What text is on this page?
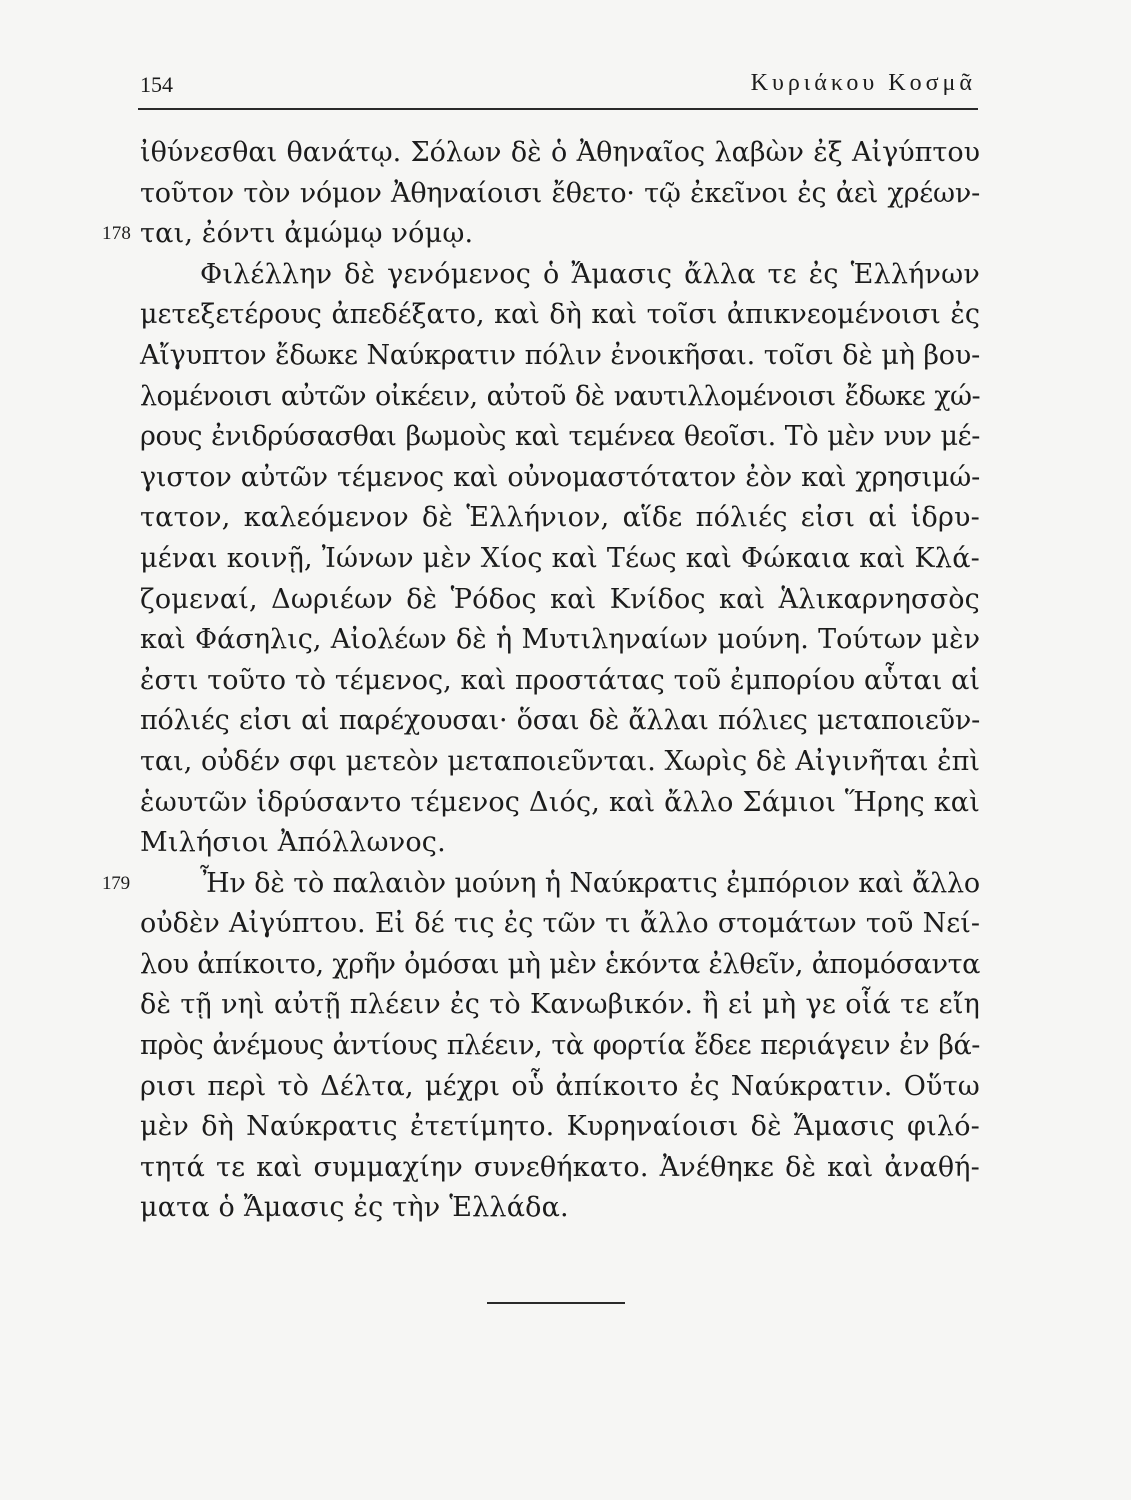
154	Κυριάκου Κοσμᾶ
ἰθύνεσθαι θανάτῳ. Σόλων δὲ ὁ Ἀθηναῖος λαβὼν ἐξ Αἰγύπτου
τοῦτον τὸν νόμον Ἀθηναίοισι ἔθετο· τῷ ἐκεῖνοι ἐς ἀεὶ χρέων-
178 ται, ἐόντι ἀμώμῳ νόμῳ.
Φιλέλλην δὲ γενόμενος ὁ Ἄμασις ἄλλα τε ἐς Ἑλλήνων
μετεξετέρους ἀπεδέξατο, καὶ δὴ καὶ τοῖσι ἀπικνεομένοισι ἐς
Αἴγυπτον ἔδωκε Ναύκρατιν πόλιν ἐνοικῆσαι. τοῖσι δὲ μὴ βου-
λομένοισι αὐτῶν οἰκέειν, αὐτοῦ δὲ ναυτιλλομένοισι ἔδωκε χώ-
ρους ἐνιδρύσασθαι βωμοὺς καὶ τεμένεα θεοῖσι. Τὸ μὲν νυν μέ-
γιστον αὐτῶν τέμενος καὶ οὐνομαστότατον ἐὸν καὶ χρησιμώ-
τατον, καλεόμενον δὲ Ἑλλήνιον, αἵδε πόλιές εἰσι αἱ ἱδρυ-
μέναι κοινῇ, Ἰώνων μὲν Χίος καὶ Τέως καὶ Φώκαια καὶ Κλά-
ζομεναί, Δωριέων δὲ Ῥόδος καὶ Κνίδος καὶ Ἁλικαρνησσὸς
καὶ Φάσηλις, Αἰολέων δὲ ἡ Μυτιληναίων μούνη. Τούτων μὲν
ἐστι τοῦτο τὸ τέμενος, καὶ προστάτας τοῦ ἐμπορίου αὗται αἱ
πόλιές εἰσι αἱ παρέχουσαι· ὅσαι δὲ ἄλλαι πόλιες μεταποιεῦν-
ται, οὐδέν σφι μετεὸν μεταποιεῦνται. Χωρὶς δὲ Αἰγινῆται ἐπὶ
ἑωυτῶν ἱδρύσαντο τέμενος Διός, καὶ ἄλλο Σάμιοι Ἥρης καὶ
Μιλήσιοι Ἀπόλλωνος.
179	Ἦν δὲ τὸ παλαιὸν μούνη ἡ Ναύκρατις ἐμπόριον καὶ ἄλλο
οὐδὲν Αἰγύπτου. Εἰ δέ τις ἐς τῶν τι ἄλλο στομάτων τοῦ Νεί-
λου ἀπίκοιτο, χρῆν ὀμόσαι μὴ μὲν ἑκόντα ἐλθεῖν, ἀπομόσαντα
δὲ τῇ νηὶ αὐτῇ πλέειν ἐς τὸ Κανωβικόν. ἢ εἰ μὴ γε οἷά τε εἴη
πρὸς ἀνέμους ἀντίους πλέειν, τὰ φορτία ἔδεε περιάγειν ἐν βά-
ρισι περὶ τὸ Δέλτα, μέχρι οὗ ἀπίκοιτο ἐς Ναύκρατιν. Οὕτω
μὲν δὴ Ναύκρατις ἐτετίμητο. Κυρηναίοισι δὲ Ἄμασις φιλό-
τητά τε καὶ συμμαχίην συνεθήκατο. Ἀνέθηκε δὲ καὶ ἀναθή-
ματα ὁ Ἄμασις ἐς τὴν Ἑλλάδα.
